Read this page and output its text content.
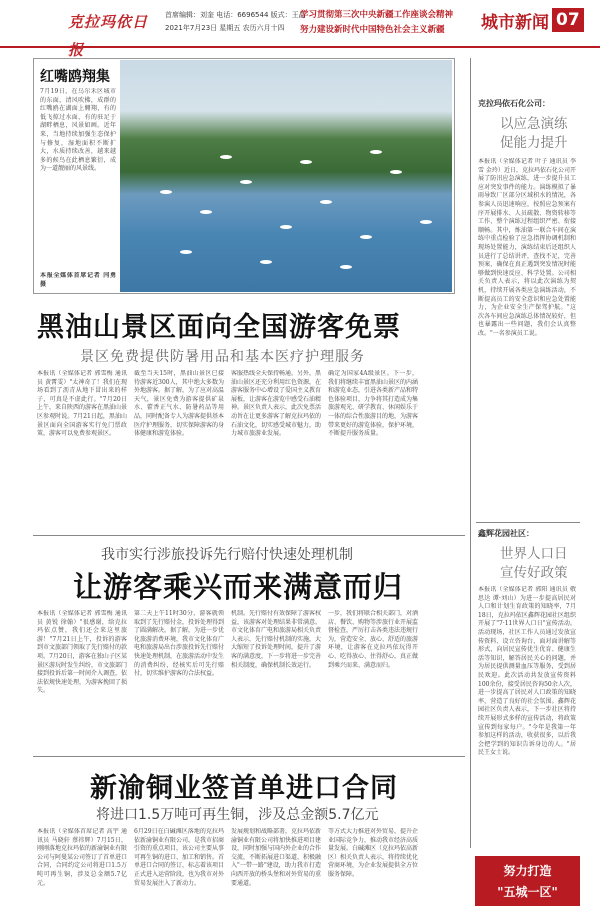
克拉玛依日报
首席编辑：刘奎 电话：6696544 版式：王晶
2021年7月23日 星期五 农历六月十四
学习贯彻第三次中央新疆工作座谈会精神
努力建设新时代中国特色社会主义新疆 城市新闻 07
红嘴鸥翔集
7月19日，在乌尔禾区城市的东面，清风吹拂，成群的红嘴鸥在湖面上翱翔，有的低飞掠过水面，有的驻足于湖畔栖息，风景如画。近年来，当地持续加强生态保护与修复，湿地面积不断扩大，水质持续改善，越来越多的候鸟在此栖息繁衍，成为一道靓丽的风景线。
本报全媒体首席记者 闫勇 摄
黑油山景区面向全国游客免票
景区免费提供防暑用品和基本医疗护理服务
本报讯（全媒体记者 郭雪梅 通讯员 黄霄雯）"太神奇了！我们在现场看到了沥青从地下冒出来的样子，可真是不虚此行。"7月20日上午，来自陕西的游客在黑油山景区参观时说。7月21日起，黑油山景区面向全国游客实行免门票政策，游客可以免费参观景区。
截至当天15时，黑油山景区已接待游客近300人，其中绝大多数为外地游客。据了解，为了应对高温天气，景区免费为游客提供矿泉水、藿香正气水、防暑药品等用品，同时配备专人为游客提供基本医疗护理服务，切实保障游客的身体健康和游览体验。
客服热线全天保持畅通。另外，黑油山景区还充分利用红色资源，在游客服务中心增设了爱国主义教育展板，让游客在游览中感受石油精神。景区负责人表示，此次免票活动旨在让更多游客了解克拉玛依的石油文化，切实感受城市魅力，助力城市旅游业发展。
确定为国家4A级景区。下一步，我们将继续丰富黑油山景区的内涵和游览业态，引进各类新产品和特色体验项目，力争将其打造成为集旅游观光、研学教育、休闲娱乐于一体的综合性旅游目的地，为游客带来更好的游览体验，保护环境，不断提升服务质量。
克拉玛依石化公司：
以应急演练
促能力提升
本报讯（全媒体记者 叶子 通讯员 李雪 金玲）近日，克拉玛依石化公司开展了防汛应急演练，进一步提升员工应对突发事件的能力。演练模拟了暴雨导致厂区部分区域积水的情况，各参演人员迅速响应，按照应急预案有序开展排水、人员疏散、物资转移等工作，整个演练过程组织严密、衔接顺畅。其中，炼油第一联合车间在演练中重点检验了应急指挥协调机制和现场处置能力，演练结束后还组织人员进行了总结讲评，查找不足，完善预案，确保在真正遇到突发情况时能够做到快速反应、科学处置。公司相关负责人表示，将以此次演练为契机，持续开展各类应急演练活动，不断提高员工的安全意识和应急处置能力，为企业安全生产保驾护航。"这次各车间应急演练总体情况较好，但也暴露出一些问题，我们会认真整改。"一名参演员工说。
我市实行涉旅投诉先行赔付快速处理机制
让游客乘兴而来满意而归
本报讯（全媒体记者 郭雪梅 通讯员 黄锐 徐翰）"很感谢，给克拉玛依点赞，我们还会来这里旅游！"7月21日上午，投诉的游客到市文旅部门领取了先行赔付的款项。7月20日，游客在独山子区某景区游玩时发生纠纷，市文旅部门接到投诉后第一时间介入调查，依法依规快速处理，为游客挽回了损失。
第二天上午11时30分，游客就领取到了先行赔付金，投诉处理得到了圆满解决。据了解，为进一步优化旅游消费环境，我市文化体育广电和旅游局出台涉旅投诉先行赔付快速处理机制，在旅游活动中发生的消费纠纷，经核实后可先行赔付，切实维护游客的合法权益。
机制。先行赔付有效保障了游客权益，该游客对处理结果非常满意。市文化体育广电和旅游局相关负责人表示，先行赔付机制的实施，大大缩短了投诉处理时间，提升了游客的满意度，下一步将进一步完善相关制度，确保机制长效运行。
一步，我们将联合相关部门，对酒店、餐饮、购物等涉旅行业开展监督检查，严厉打击各类违法违规行为，营造安全、放心、舒适的旅游环境，让游客在克拉玛依玩得开心、吃得放心、住得舒心，真正做到乘兴而来、满意而归。
鑫辉花园社区：
世界人口日
宣传好政策
本报讯（全媒体记者 郭阳 通讯员 敬思达 谭·刘山）为进一步提高居民对人口和计划生育政策的知晓率，7月18日，克拉玛依区鑫辉花园社区组织开展了"7·11世界人口日"宣传活动。活动现场，社区工作人员通过发放宣传资料、设立咨询台、面对面讲解等形式，向居民宣传优生优育、健康生活等知识，解答居民关心的问题，并为居民提供测量血压等服务，受到居民欢迎。此次活动共发放宣传资料100余份，接受居民咨询50余人次，进一步提高了居民对人口政策的知晓率，营造了良好的社会氛围。鑫辉花园社区负责人表示，下一步社区将持续开展形式多样的宣传活动，将政策宣传到每家每户。"今年是我第一年参加这样的活动，收获很多，以后我会把学到的知识告诉身边的人。"居民王女士说。
新渝铜业签首单进口合同
将进口1.5万吨可再生铜，涉及总金额5.7亿元
本报讯（全媒体首席记者 高宇 通讯员 马晓轩 蔡祎辉）7月15日，刚刚落地克拉玛依的新渝铜业有限公司与阿曼某公司签订了首单进口合同，合同约定公司将进口1.5万吨可再生铜，涉及总金额5.7亿元。
6月29日在白碱滩区落地的克拉玛依新渝铜业有限公司，是我市招商引资的重点项目，该公司主要从事可再生铜的进口、加工和销售。首单进口合同的签订，标志着该项目正式进入运营阶段，也为我市对外贸易发展注入了新动力。
发展规划和战略部署，克拉玛依新渝铜业有限公司将加快推进项目建设，同时加强与国内外企业的合作交流，不断拓展进口渠道，积极融入"一带一路"建设，助力我市打造向西开放的桥头堡和对外贸易的重要通道。
等方式大力推进对外贸易，提升企业国际竞争力，推动我市经济高质量发展。白碱滩区（克拉玛依高新区）相关负责人表示，将持续优化营商环境，为企业发展提供全方位服务保障。	努力打造
"五城一区"
